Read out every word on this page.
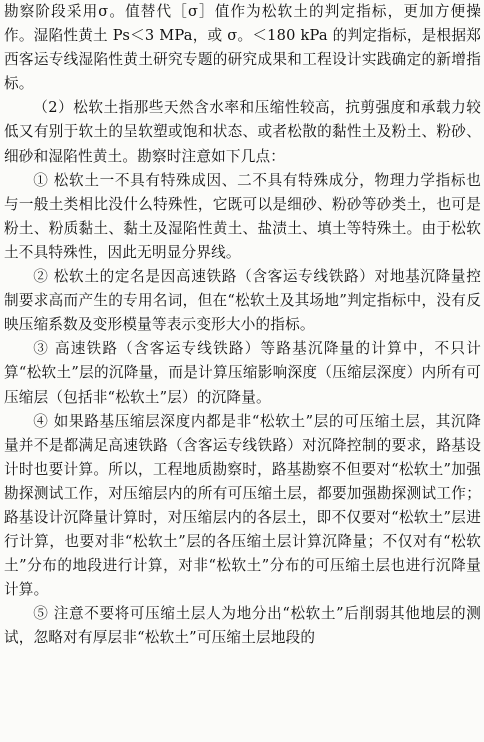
勘察阶段采用σ。值替代［σ］值作为松软土的判定指标，更加方便操作。湿陷性黄土 Ps＜3 MPa，或 σ。＜180 kPa 的判定指标，是根据郑西客运专线湿陷性黄土研究专题的研究成果和工程设计实践确定的新增指标。

（2）松软土指那些天然含水率和压缩性较高，抗剪强度和承载力较低又有别于软土的呈软塑或饱和状态、或者松散的黏性土及粉土、粉砂、细砂和湿陷性黄土。勘察时注意如下几点：

① 松软土一不具有特殊成因、二不具有特殊成分，物理力学指标也与一般土类相比没什么特殊性，它既可以是细砂、粉砂等砂类土，也可是粉土、粉质黏土、黏土及湿陷性黄土、盐渍土、填土等特殊土。由于松软土不具特殊性，因此无明显分界线。

② 松软土的定名是因高速铁路（含客运专线铁路）对地基沉降量控制要求高而产生的专用名词，但在“松软土及其场地”判定指标中，没有反映压缩系数及变形模量等表示变形大小的指标。

③ 高速铁路（含客运专线铁路）等路基沉降量的计算中，不只计算“松软土”层的沉降量，而是计算压缩影响深度（压缩层深度）内所有可压缩层（包括非“松软土”层）的沉降量。

④ 如果路基压缩层深度内都是非“松软土”层的可压缩土层，其沉降量并不是都满足高速铁路（含客运专线铁路）对沉降控制的要求，路基设计时也要计算。所以，工程地质勘察时，路基勘察不但要对“松软土”加强勘探测试工作，对压缩层内的所有可压缩土层，都要加强勘探测试工作；路基设计沉降量计算时，对压缩层内的各层土，即不仅要对“松软土”层进行计算，也要对非“松软土”层的各压缩土层计算沉降量；不仅对有“松软土”分布的地段进行计算，对非“松软土”分布的可压缩土层也进行沉降量计算。

⑤ 注意不要将可压缩土层人为地分出“松软土”后削弱其他地层的测试，忽略对有厚层非“松软土”可压缩土层地段的
